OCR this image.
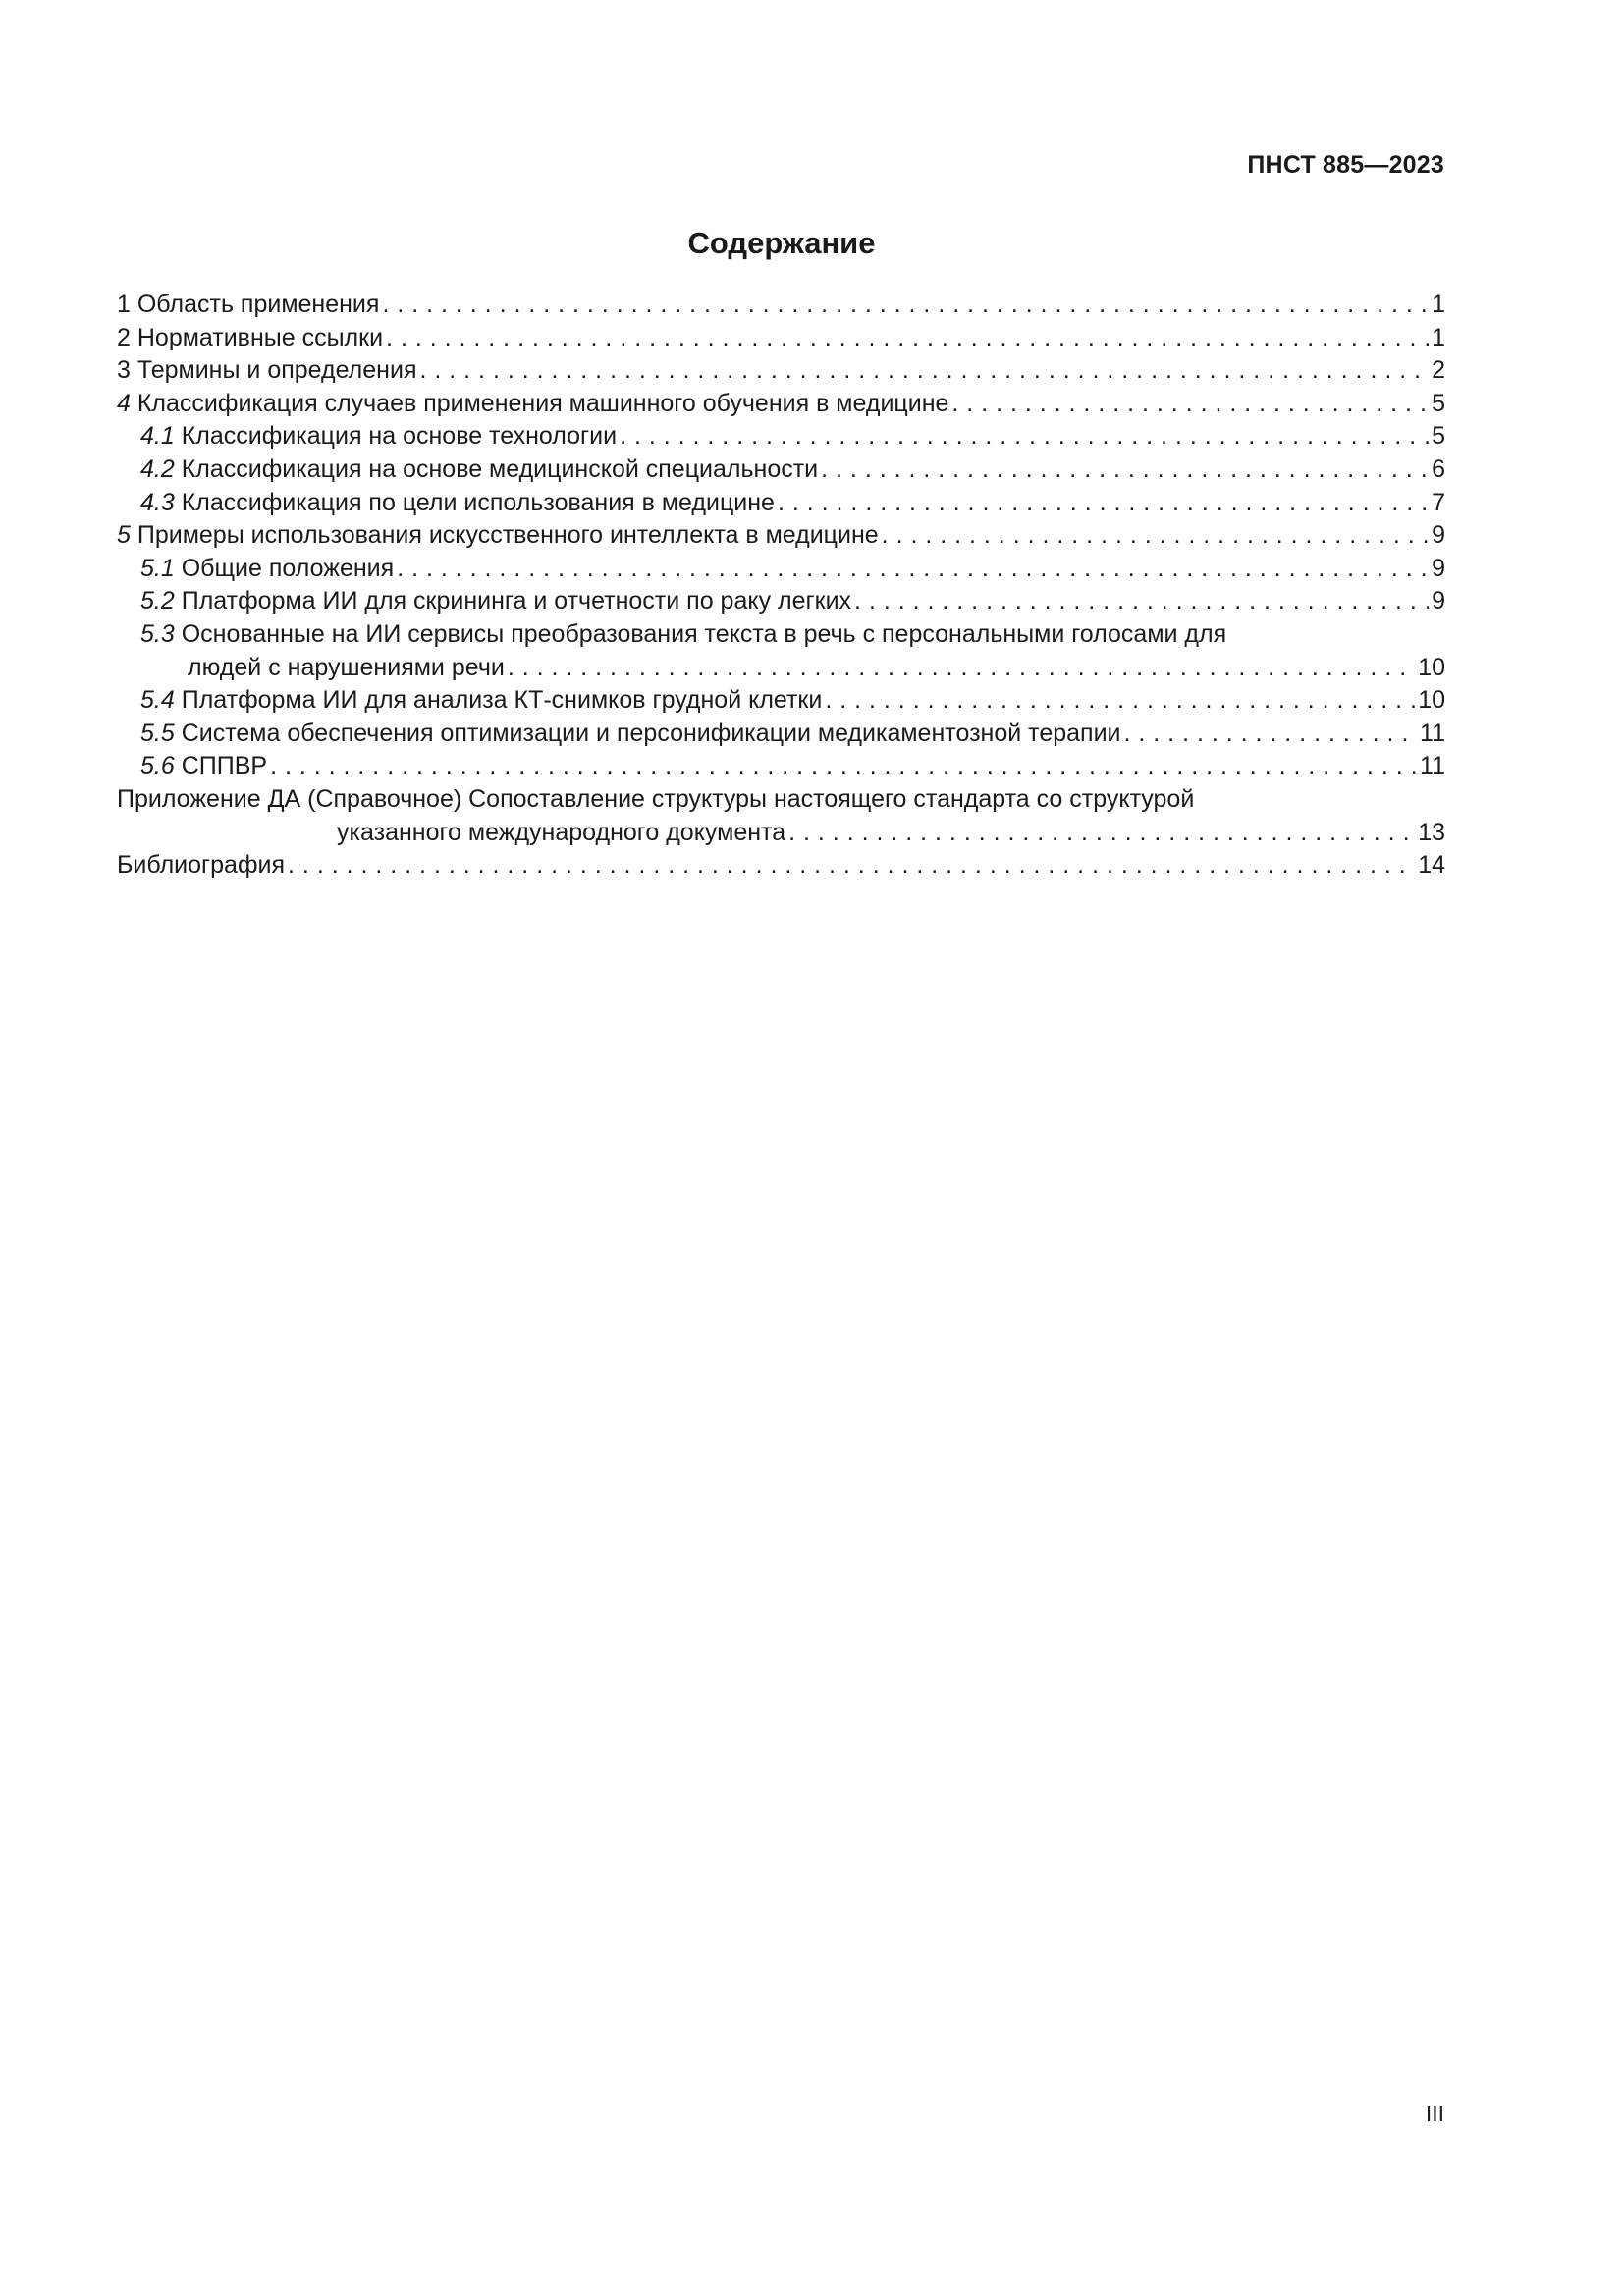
ПНСТ 885—2023
Содержание
1 Область применения . . .	1
2 Нормативные ссылки . . .	1
3 Термины и определения . . .	2
4 Классификация случаев применения машинного обучения в медицине . . .	5
4.1 Классификация на основе технологии . . .	5
4.2 Классификация на основе медицинской специальности . . .	6
4.3 Классификация по цели использования в медицине . . .	7
5 Примеры использования искусственного интеллекта в медицине . . .	9
5.1 Общие положения . . .	9
5.2 Платформа ИИ для скрининга и отчетности по раку легких . . .	9
5.3 Основанные на ИИ сервисы преобразования текста в речь с персональными голосами для
людей с нарушениями речи . . .	10
5.4 Платформа ИИ для анализа КТ-снимков грудной клетки . . .	10
5.5 Система обеспечения оптимизации и персонификации медикаментозной терапии . . .	11
5.6 СППВР . . .	11
Приложение ДА (Справочное) Сопоставление структуры настоящего стандарта со структурой
указанного международного документа . . .	13
Библиография . . .	14
III
